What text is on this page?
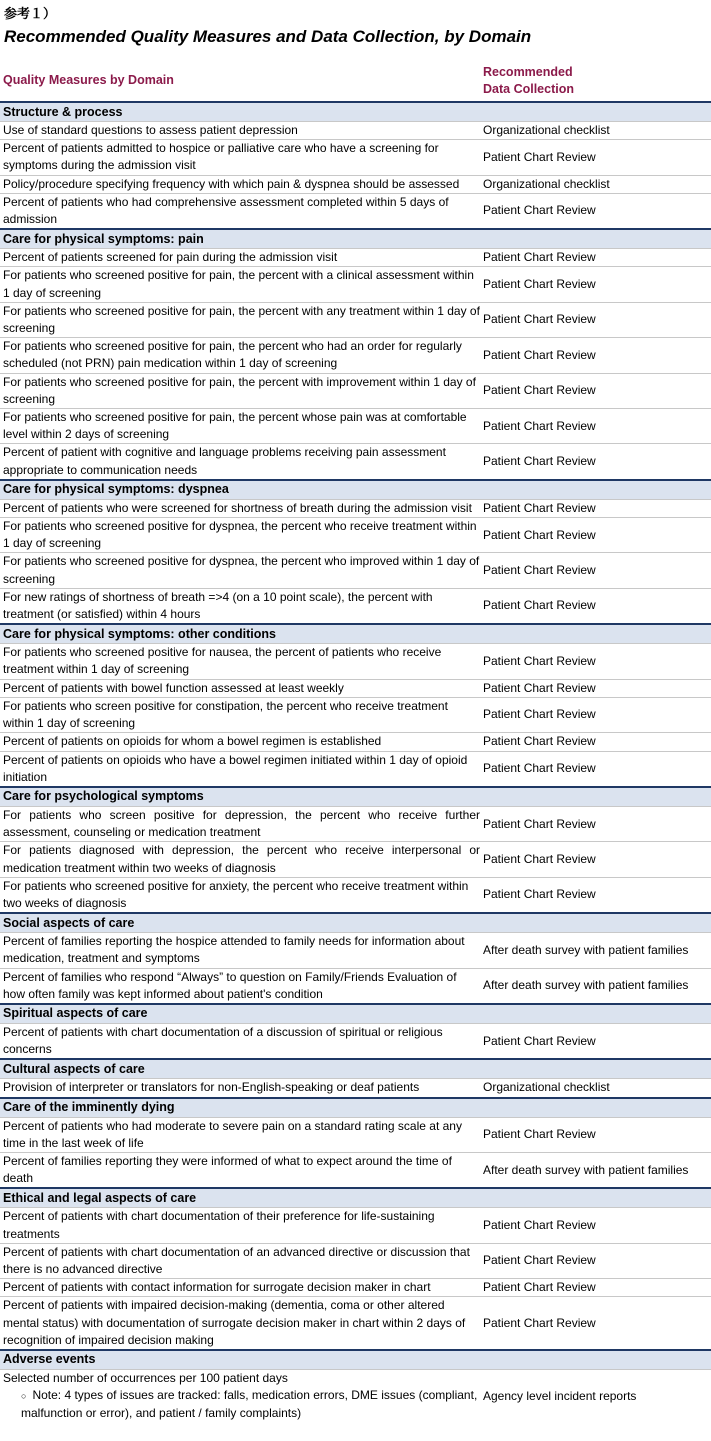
参考１）
Recommended Quality Measures and Data Collection, by Domain
Quality Measures by Domain
Recommended
Data Collection
Structure & process	
Use of standard questions to assess patient depression	Organizational checklist
Percent of patients admitted to hospice or palliative care who have a screening for symptoms during the admission visit	Patient Chart Review
Policy/procedure specifying frequency with which pain & dyspnea should be assessed	Organizational checklist
Percent of patients who had comprehensive assessment completed within 5 days of admission	Patient Chart Review
Care for physical symptoms: pain	
Percent of patients screened for pain during the admission visit	Patient Chart Review
For patients who screened positive for pain, the percent with a clinical assessment within 1 day of screening	Patient Chart Review
For patients who screened positive for pain, the percent with any treatment within 1 day of screening	Patient Chart Review
For patients who screened positive for pain, the percent who had an order for regularly scheduled (not PRN) pain medication within 1 day of screening	Patient Chart Review
For patients who screened positive for pain, the percent with improvement within 1 day of screening	Patient Chart Review
For patients who screened positive for pain, the percent whose pain was at comfortable level within 2 days of screening	Patient Chart Review
Percent of patient with cognitive and language problems receiving pain assessment appropriate to communication needs	Patient Chart Review
Care for physical symptoms: dyspnea	
Percent of patients who were screened for shortness of breath during the admission visit	Patient Chart Review
For patients who screened positive for dyspnea, the percent who receive treatment within 1 day of screening	Patient Chart Review
For patients who screened positive for dyspnea, the percent who improved within 1 day of screening	Patient Chart Review
For new ratings of shortness of breath =>4 (on a 10 point scale), the percent with treatment (or satisfied) within 4 hours	Patient Chart Review
Care for physical symptoms: other conditions	
For patients who screened positive for nausea, the percent of patients who receive treatment within 1 day of screening	Patient Chart Review
Percent of patients with bowel function assessed at least weekly	Patient Chart Review
For patients who screen positive for constipation, the percent who receive treatment within 1 day of screening	Patient Chart Review
Percent of patients on opioids for whom a bowel regimen is established	Patient Chart Review
Percent of patients on opioids who have a bowel regimen initiated within 1 day of opioid initiation	Patient Chart Review
Care for psychological symptoms	
For patients who screen positive for depression, the percent who receive further assessment, counseling or medication treatment	Patient Chart Review
For patients diagnosed with depression, the percent who receive interpersonal or medication treatment within two weeks of diagnosis	Patient Chart Review
For patients who screened positive for anxiety, the percent who receive treatment within two weeks of diagnosis	Patient Chart Review
Social aspects of care	
Percent of families reporting the hospice attended to family needs for information about medication, treatment and symptoms	After death survey with patient families
Percent of families who respond “Always” to question on Family/Friends Evaluation of how often family was kept informed about patient's condition	After death survey with patient families
Spiritual aspects of care	
Percent of patients with chart documentation of a discussion of spiritual or religious concerns	Patient Chart Review
Cultural aspects of care	
Provision of interpreter or translators for non-English-speaking or deaf patients	Organizational checklist
Care of the imminently dying	
Percent of patients who had moderate to severe pain on a standard rating scale at any time in the last week of life	Patient Chart Review
Percent of families reporting they were informed of what to expect around the time of death	After death survey with patient families
Ethical and legal aspects of care	
Percent of patients with chart documentation of their preference for life-sustaining treatments	Patient Chart Review
Percent of patients with chart documentation of an advanced directive or discussion that there is no advanced directive	Patient Chart Review
Percent of patients with contact information for surrogate decision maker in chart	Patient Chart Review
Percent of patients with impaired decision-making (dementia, coma or other altered mental status) with documentation of surrogate decision maker in chart within 2 days of recognition of impaired decision making	Patient Chart Review
Adverse events	
Selected number of occurrences per 100 patient days
○ Note: 4 types of issues are tracked: falls, medication errors, DME issues (compliant, malfunction or error), and patient / family complaints)	Agency level incident reports
